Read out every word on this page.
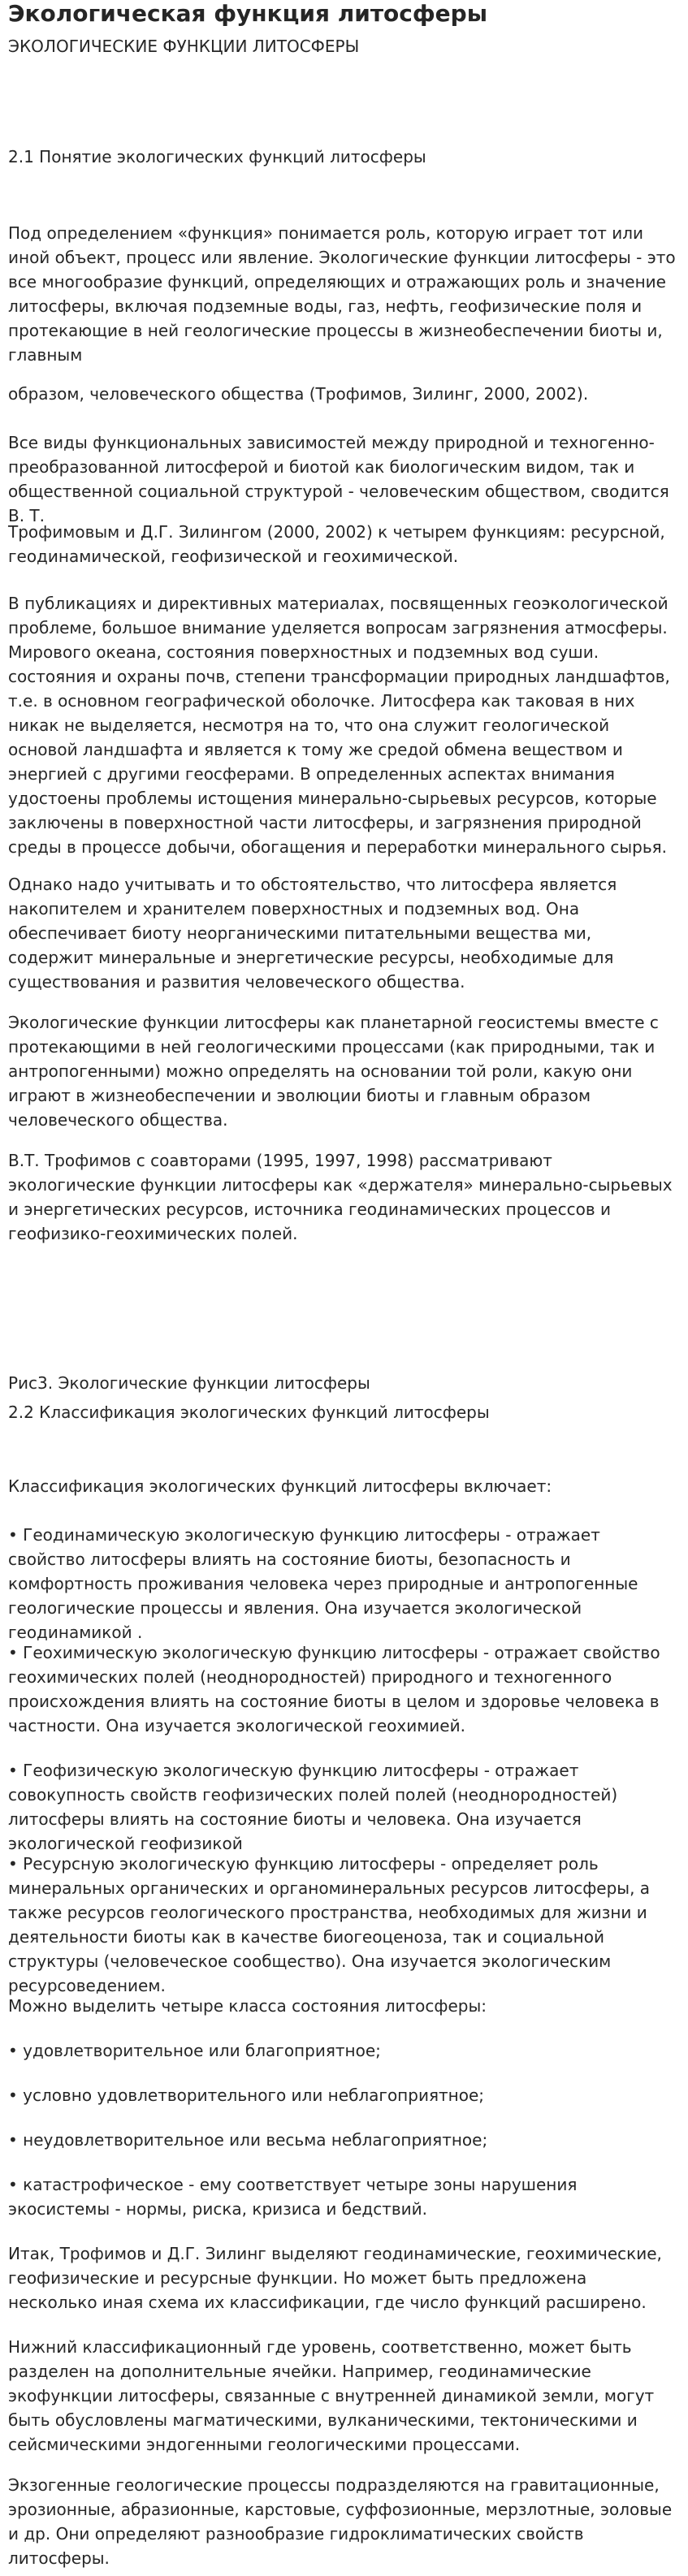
Экологическая функция литосферы
ЭКОЛОГИЧЕСКИЕ ФУНКЦИИ ЛИТОСФЕРЫ
2.1 Понятие экологических функций литосферы

Под определением «функция» понимается роль, которую играет тот или иной объект, процесс или явление. Экологические функции литосферы - это все многообразие функций, определяющих и отражающих роль и значение литосферы, включая подземные воды, газ, нефть, геофизические поля и протекающие в ней геологические процессы в жизнеобеспечении биоты и, главным

образом, человеческого общества (Трофимов, Зилинг, 2000, 2002).

Все виды функциональных зависимостей между природной и техногенно-преобразованной литосферой и биотой как биологическим видом, так и общественной социальной структурой - человеческим обществом, сводится В. Т.

Трофимовым и Д.Г. Зилингом (2000, 2002) к четырем функциям: ресурсной, геодинамической, геофизической и геохимической.

В публикациях и директивных материалах, посвященных геоэкологической проблеме, большое внимание уделяется вопросам загрязнения атмосферы. Мирового океана, состояния поверхностных и подземных вод суши. состояния и охраны почв, степени трансформации природных ландшафтов, т.е. в основном географической оболочке. Литосфера как таковая в них никак не выделяется, несмотря на то, что она служит геологической основой ландшафта и является к тому же средой обмена веществом и энергией с другими геосферами. В определенных аспектах внимания удостоены проблемы истощения минерально-сырьевых ресурсов, которые заключены в поверхностной части литосферы, и загрязнения природной среды в процессе добычи, обогащения и переработки минерального сырья.

Однако надо учитывать и то обстоятельство, что литосфера является накопителем и хранителем поверхностных и подземных вод. Она обеспечивает биоту неорганическими питательными вещества ми, содержит минеральные и энергетические ресурсы, необходимые для существования и развития человеческого общества.

Экологические функции литосферы как планетарной геосистемы вместе с протекающими в ней геологическими процессами (как природными, так и антропогенными) можно определять на основании той роли, какую они играют в жизнеобеспечении и эволюции биоты и главным образом человеческого общества.

В.Т. Трофимов с соавторами (1995, 1997, 1998) рассматривают экологические функции литосферы как «держателя» минерально-сырьевых и энергетических ресурсов, источника геодинамических процессов и геофизико-геохимических полей.

Рис3. Экологические функции литосферы
2.2 Классификация экологических функций литосферы

Классификация экологических функций литосферы включает:

• Геодинамическую экологическую функцию литосферы - отражает свойство литосферы влиять на состояние биоты, безопасность и комфортность проживания человека через природные и антропогенные геологические процессы и явления. Она изучается экологической геодинамикой .

• Геохимическую экологическую функцию литосферы - отражает свойство геохимических полей (неоднородностей) природного и техногенного происхождения влиять на состояние биоты в целом и здоровье человека в частности. Она изучается экологической геохимией.

• Геофизическую экологическую функцию литосферы - отражает совокупность свойств геофизических полей полей (неоднородностей) литосферы влиять на состояние биоты и человека. Она изучается экологической геофизикой

• Ресурсную экологическую функцию литосферы - определяет роль минеральных органических и органоминеральных ресурсов литосферы, а также ресурсов геологического пространства, необходимых для жизни и деятельности биоты как в качестве биогеоценоза, так и социальной структуры (человеческое сообщество). Она изучается экологическим ресурсоведением.

Можно выделить четыре класса состояния литосферы:

• удовлетворительное или благоприятное;

• условно удовлетворительного или неблагоприятное;

• неудовлетворительное или весьма неблагоприятное;

• катастрофическое - ему соответствует четыре зоны нарушения экосистемы - нормы, риска, кризиса и бедствий.

Итак, Трофимов и Д.Г. Зилинг выделяют геодинамические, геохимические, геофизические и ресурсные функции. Но может быть предложена несколько иная схема их классификации, где число функций расширено.

Нижний классификационный где уровень, соответственно, может быть разделен на дополнительные ячейки. Например, геодинамические экофункции литосферы, связанные с внутренней динамикой земли, могут быть обусловлены магматическими, вулканическими, тектоническими и сейсмическими эндогенными геологическими процессами.

Экзогенные геологические процессы подразделяются на гравитационные, эрозионные, абразионные, карстовые, суффозионные, мерзлотные, эоловые и др. Они определяют разнообразие гидроклиматических свойств литосферы.
